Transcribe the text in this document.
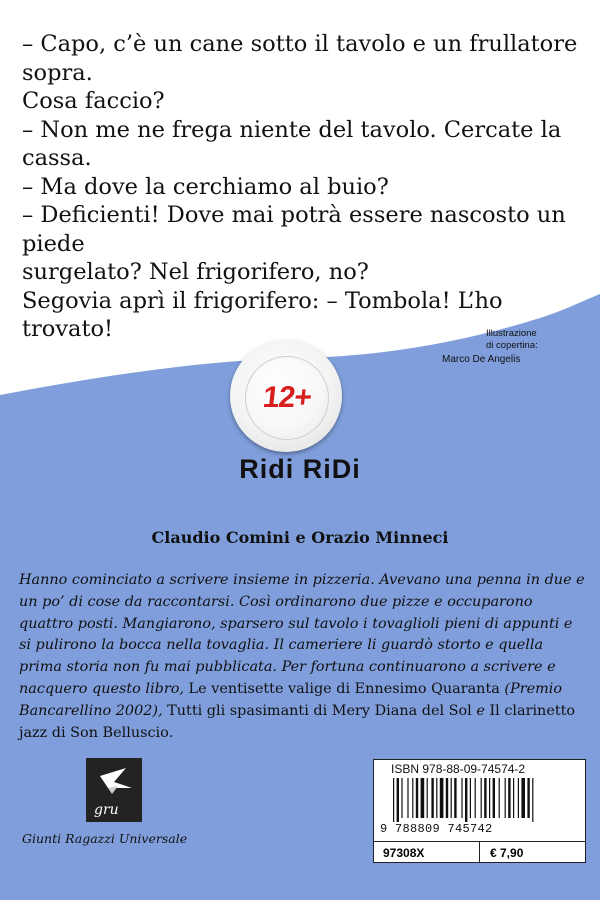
– Capo, c’è un cane sotto il tavolo e un frullatore sopra.

Cosa faccio?

– Non me ne frega niente del tavolo. Cercate la cassa.

– Ma dove la cerchiamo al buio?

– Deficienti! Dove mai potrà essere nascosto un piede

surgelato? Nel frigorifero, no?

Segovia aprì il frigorifero: – Tombola! L’ho trovato!	Illustrazione
di copertina:
Marco De Angelis
12+
Ridi RiDi
Claudio Comini e Orazio Minneci
Hanno cominciato a scrivere insieme in pizzeria. Avevano una penna in due e un po’ di cose da raccontarsi. Così ordinarono due pizze e occuparono quattro posti. Mangiarono, sparsero sul tavolo i tovaglioli pieni di appunti e si pulirono la bocca nella tovaglia. Il cameriere li guardò storto e quella prima storia non fu mai pubblicata. Per fortuna continuarono a scrivere e nacquero questo libro, Le ventisette valige di Ennesimo Quaranta (Premio Bancarellino 2002), Tutti gli spasimanti di Mery Diana del Sol e Il clarinetto jazz di Son Belluscio.
gru
Giunti Ragazzi Universale
ISBN 978-88-09-74574-2
9 788809 745742
97308X	€ 7,90
